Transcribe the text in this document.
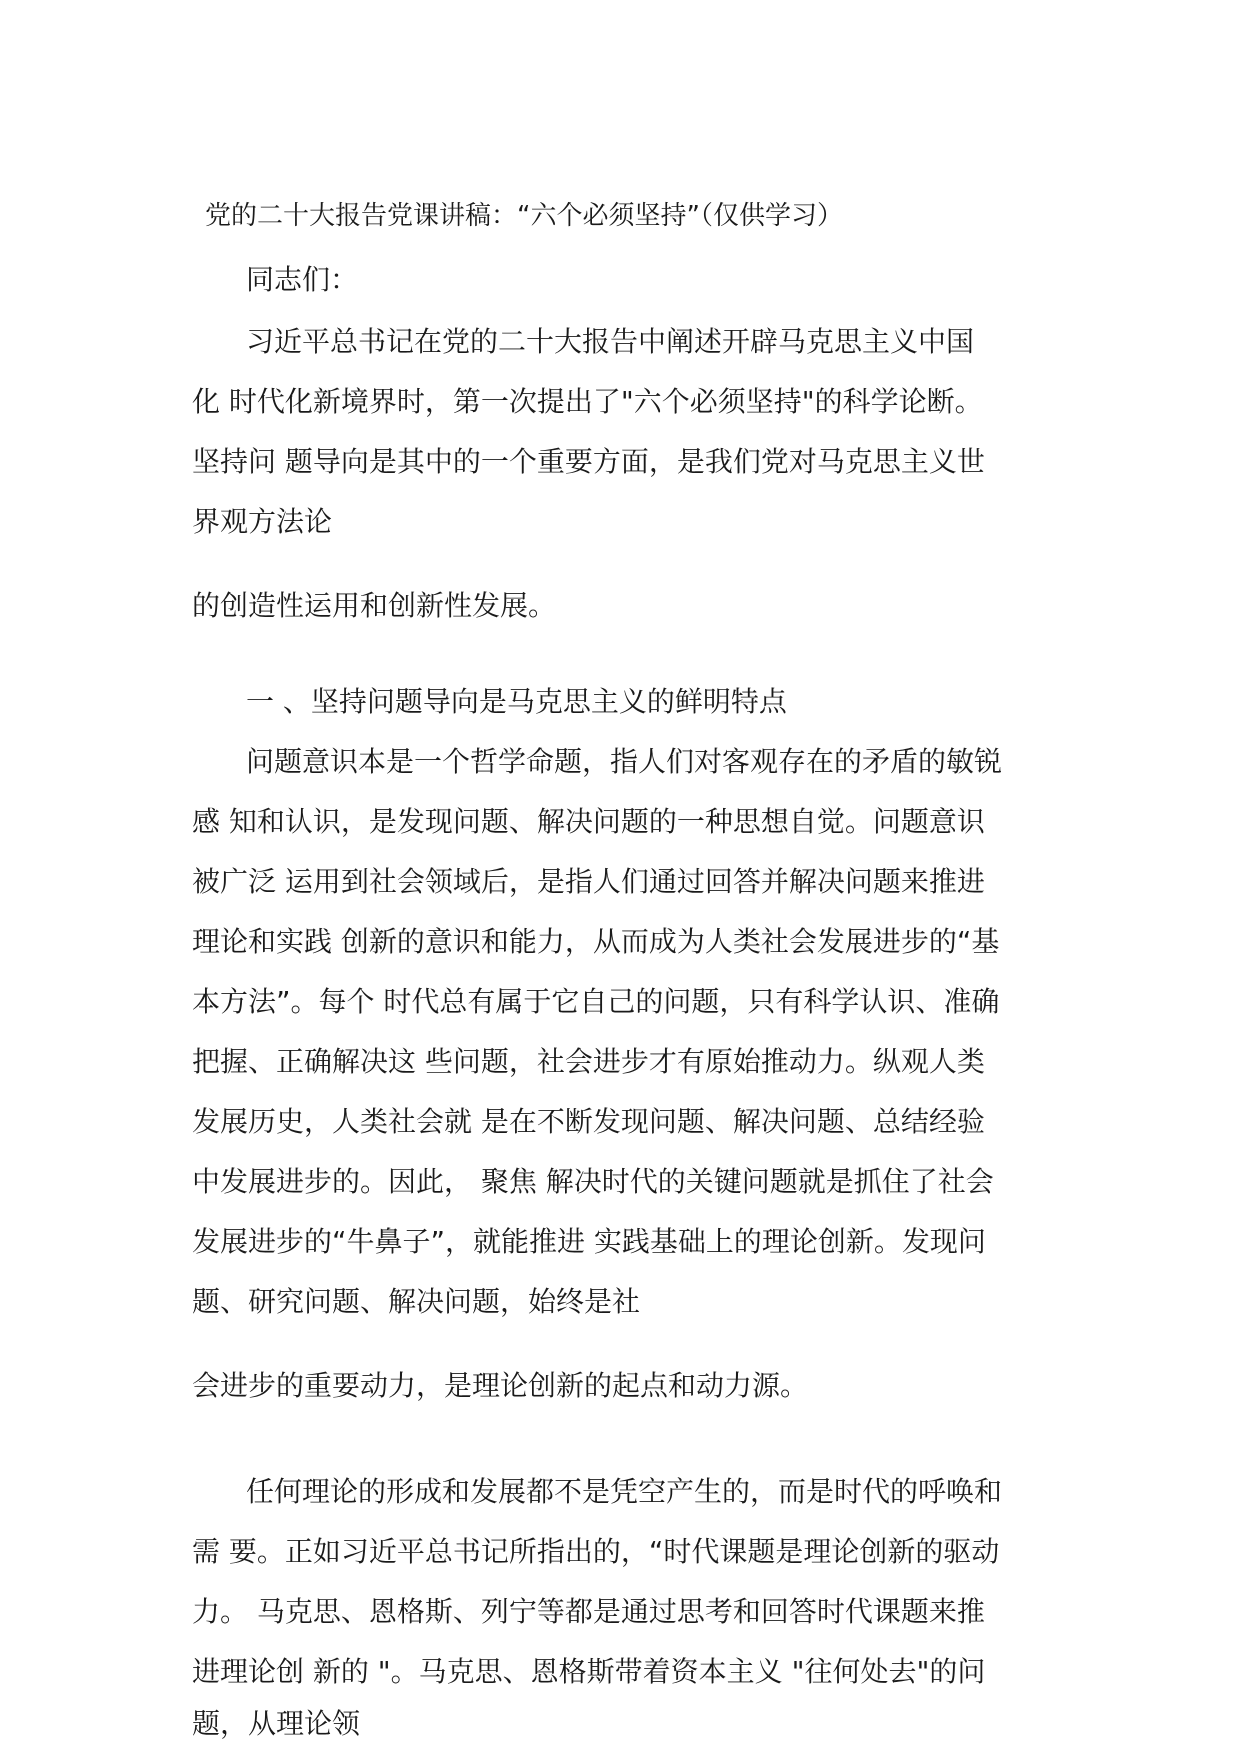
党的二十大报告党课讲稿：“六个必须坚持”（仅供学习）
同志们：
习近平总书记在党的二十大报告中阐述开辟马克思主义中国
化 时代化新境界时，第一次提出了"六个必须坚持"的科学论断。
坚持问 题导向是其中的一个重要方面，是我们党对马克思主义世
界观方法论
的创造性运用和创新性发展。
一 、坚持问题导向是马克思主义的鲜明特点
问题意识本是一个哲学命题，指人们对客观存在的矛盾的敏锐
感 知和认识，是发现问题、解决问题的一种思想自觉。问题意识
被广泛 运用到社会领域后，是指人们通过回答并解决问题来推进
理论和实践 创新的意识和能力，从而成为人类社会发展进步的“基
本方法”。每个 时代总有属于它自己的问题，只有科学认识、准确
把握、正确解决这 些问题，社会进步才有原始推动力。纵观人类
发展历史，人类社会就 是在不断发现问题、解决问题、总结经验
中发展进步的。因此， 聚焦 解决时代的关键问题就是抓住了社会
发展进步的“牛鼻子”，就能推进 实践基础上的理论创新。发现问
题、研究问题、解决问题，始终是社
会进步的重要动力，是理论创新的起点和动力源。
任何理论的形成和发展都不是凭空产生的，而是时代的呼唤和
需 要。正如习近平总书记所指出的，“时代课题是理论创新的驱动
力。 马克思、恩格斯、列宁等都是通过思考和回答时代课题来推
进理论创 新的 "。马克思、恩格斯带着资本主义 "往何处去"的问
题，从理论领
